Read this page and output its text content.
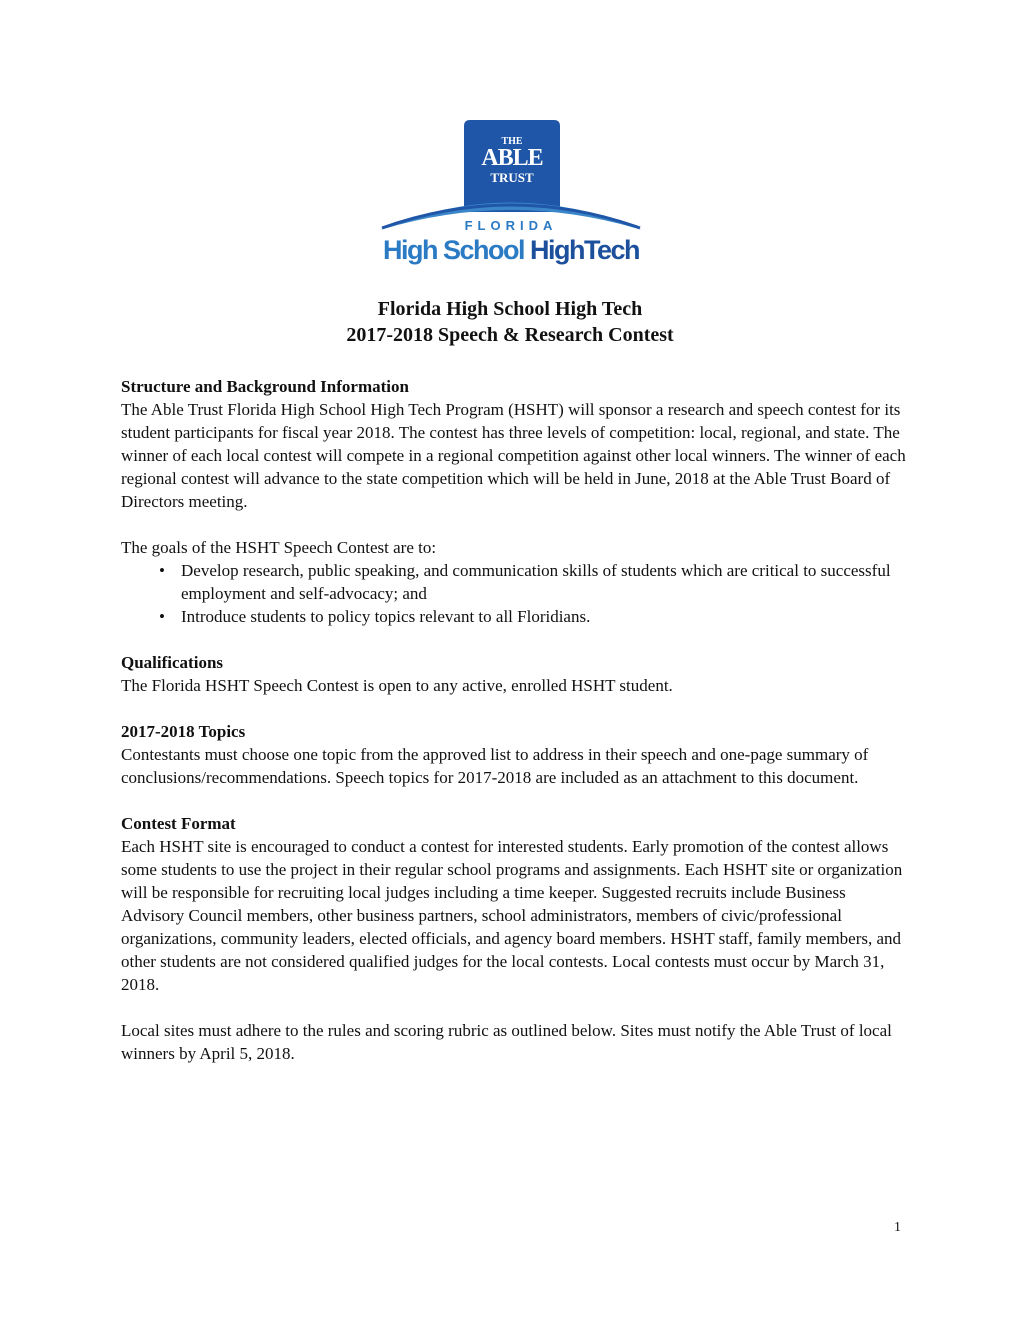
THE
ABLE
TRUST
FLORIDA
High School HighTech
Florida High School High Tech
2017-2018 Speech & Research Contest
Structure and Background Information
The Able Trust Florida High School High Tech Program (HSHT) will sponsor a research and speech contest for its student participants for fiscal year 2018. The contest has three levels of competition: local, regional, and state. The winner of each local contest will compete in a regional competition against other local winners. The winner of each regional contest will advance to the state competition which will be held in June, 2018 at the Able Trust Board of Directors meeting.
The goals of the HSHT Speech Contest are to:
• Develop research, public speaking, and communication skills of students which are critical to successful employment and self-advocacy; and
• Introduce students to policy topics relevant to all Floridians.
Qualifications
The Florida HSHT Speech Contest is open to any active, enrolled HSHT student.
2017-2018 Topics
Contestants must choose one topic from the approved list to address in their speech and one-page summary of conclusions/recommendations. Speech topics for 2017-2018 are included as an attachment to this document.
Contest Format
Each HSHT site is encouraged to conduct a contest for interested students. Early promotion of the contest allows some students to use the project in their regular school programs and assignments. Each HSHT site or organization will be responsible for recruiting local judges including a time keeper. Suggested recruits include Business Advisory Council members, other business partners, school administrators, members of civic/professional organizations, community leaders, elected officials, and agency board members. HSHT staff, family members, and other students are not considered qualified judges for the local contests. Local contests must occur by March 31, 2018.
Local sites must adhere to the rules and scoring rubric as outlined below. Sites must notify the Able Trust of local winners by April 5, 2018.
1
